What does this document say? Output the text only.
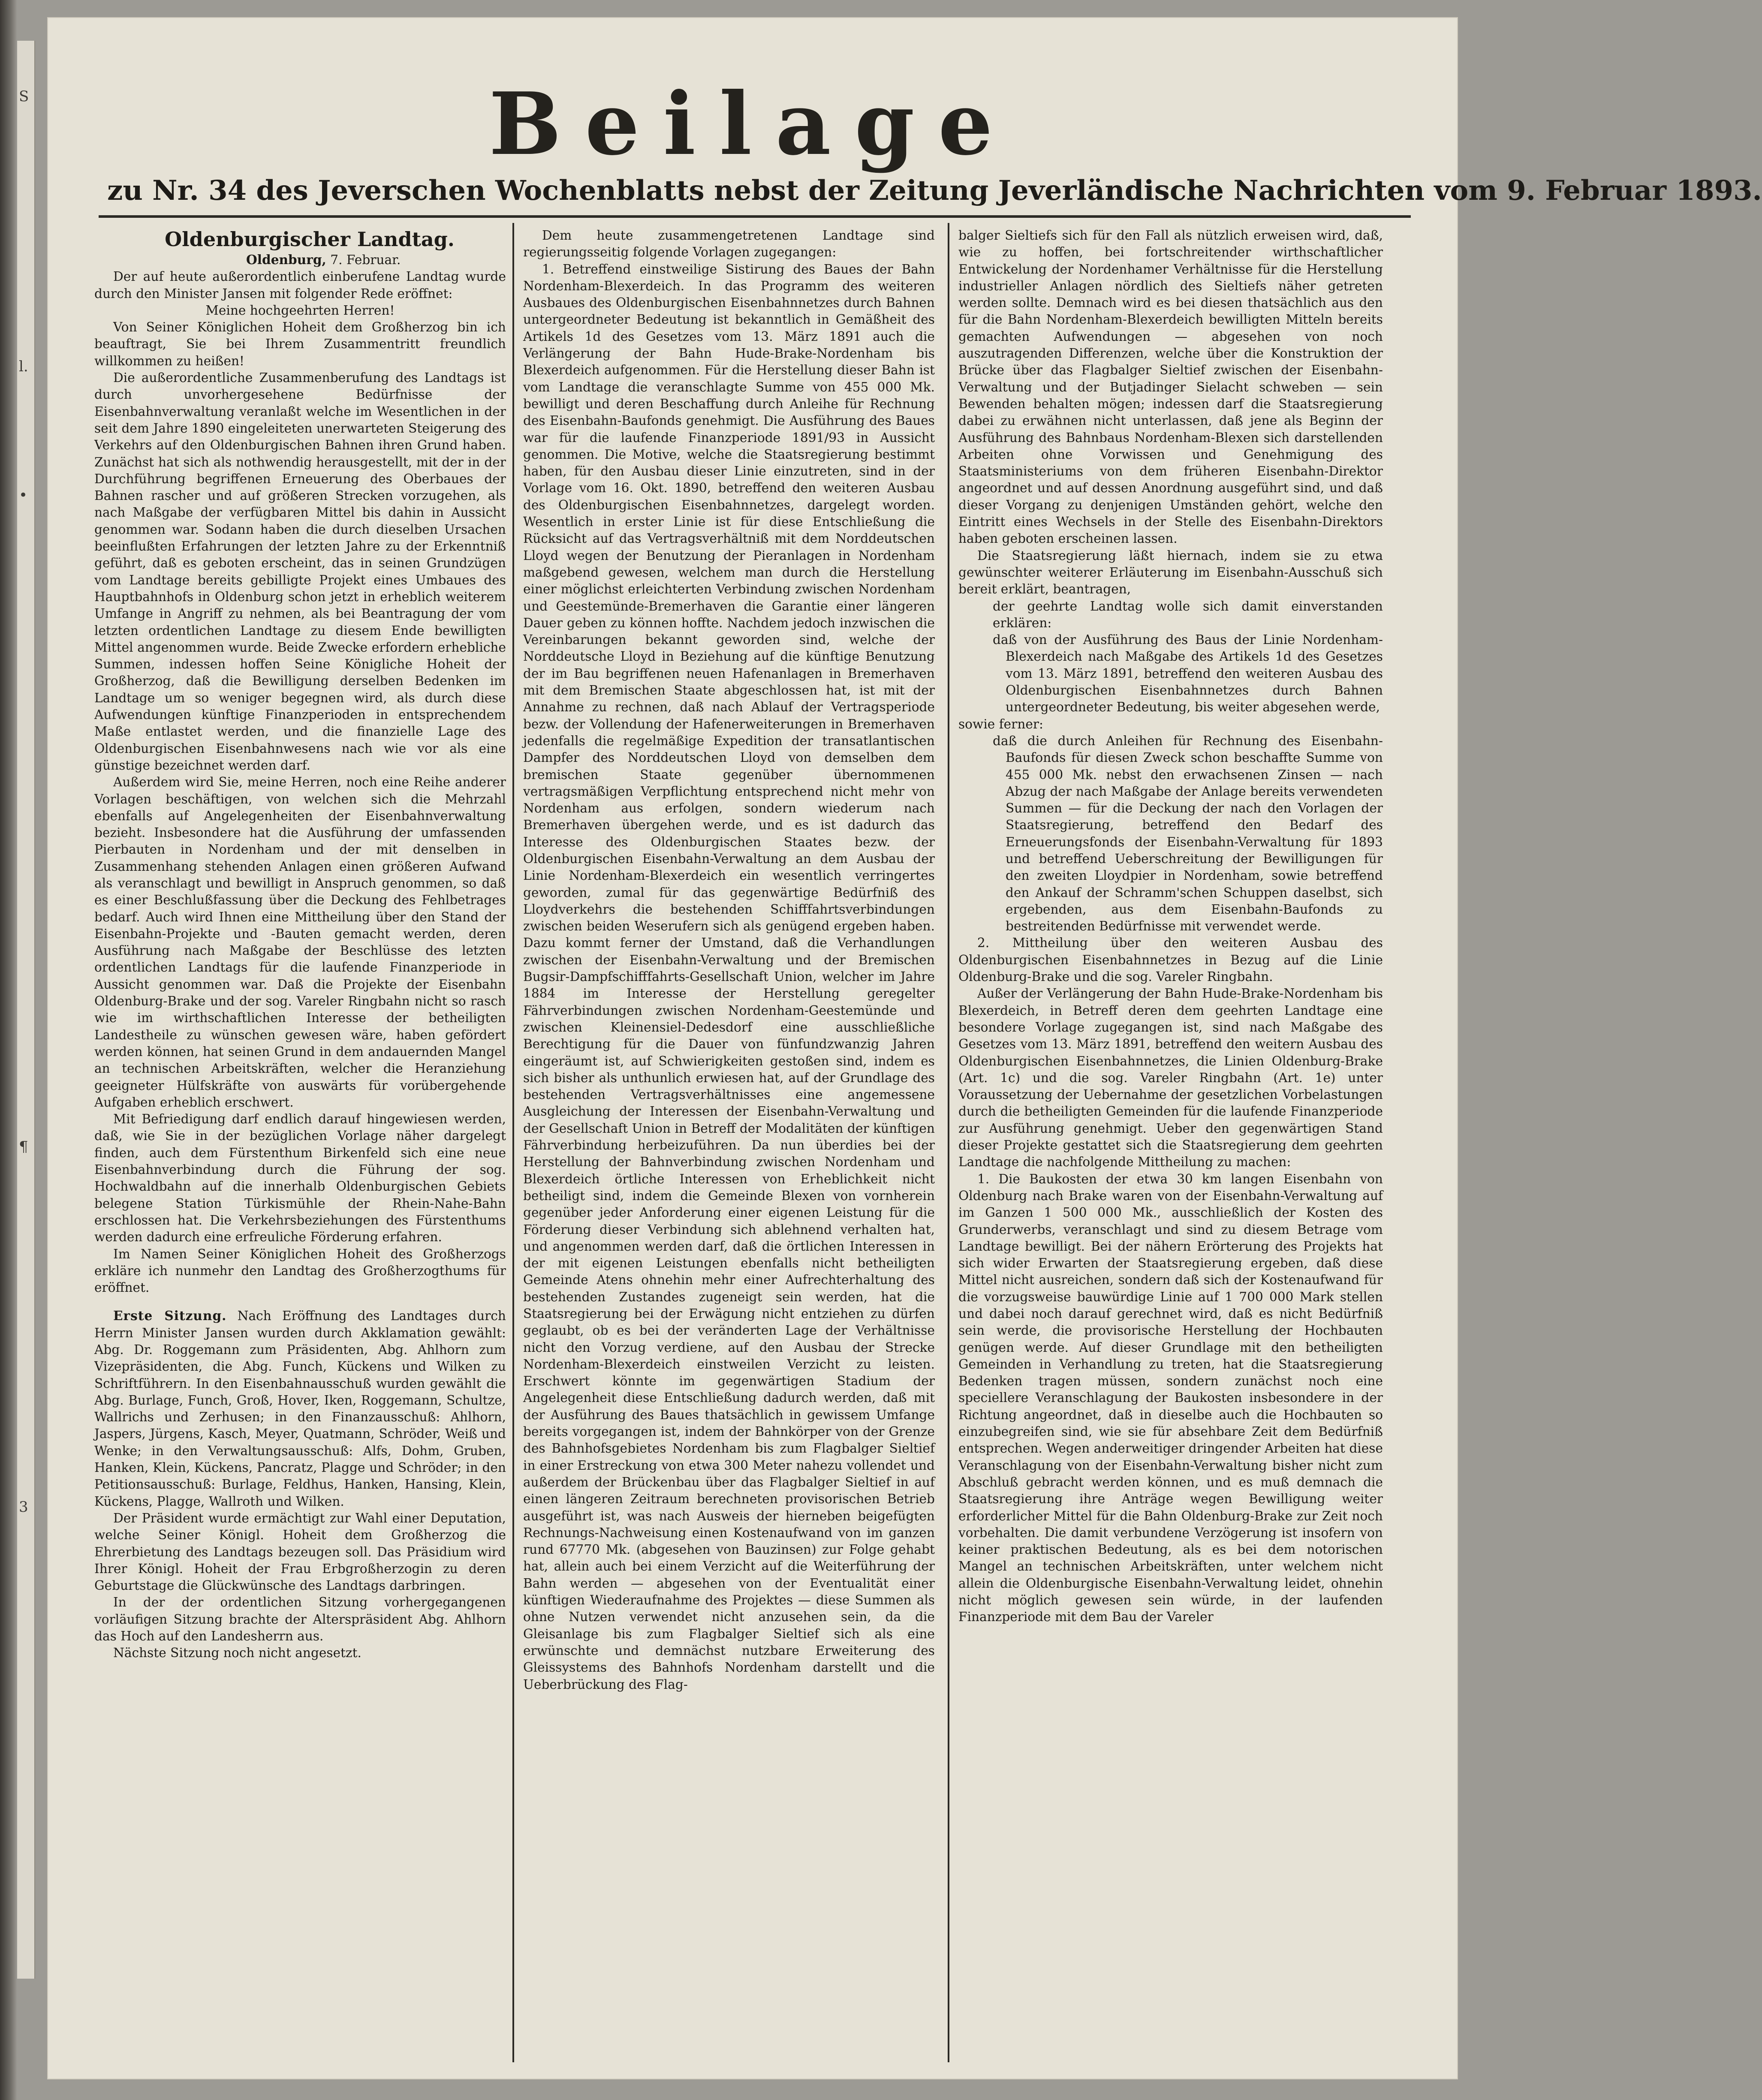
S
l.
•
¶
3
Beilage
zu Nr. 34 des Jeverschen Wochenblatts nebst der Zeitung Jeverländische Nachrichten vom 9. Februar 1893.

Oldenburgischer Landtag.

Oldenburg, 7. Februar.

Der auf heute außerordentlich einberufene Landtag wurde durch den Minister Jansen mit folgender Rede eröffnet:

Meine hochgeehrten Herren!

Von Seiner Königlichen Hoheit dem Großherzog bin ich beauftragt, Sie bei Ihrem Zusammentritt freundlich willkommen zu heißen!

Die außerordentliche Zusammenberufung des Landtags ist durch unvorhergesehene Bedürfnisse der Eisenbahnverwaltung veranlaßt welche im Wesentlichen in der seit dem Jahre 1890 eingeleiteten unerwarteten Steigerung des Verkehrs auf den Oldenburgischen Bahnen ihren Grund haben. Zunächst hat sich als nothwendig herausgestellt, mit der in der Durchführung begriffenen Erneuerung des Oberbaues der Bahnen rascher und auf größeren Strecken vorzugehen, als nach Maßgabe der verfügbaren Mittel bis dahin in Aussicht genommen war. Sodann haben die durch dieselben Ursachen beeinflußten Erfahrungen der letzten Jahre zu der Erkenntniß geführt, daß es geboten erscheint, das in seinen Grundzügen vom Landtage bereits gebilligte Projekt eines Umbaues des Hauptbahnhofs in Oldenburg schon jetzt in erheblich weiterem Umfange in Angriff zu nehmen, als bei Beantragung der vom letzten ordentlichen Landtage zu diesem Ende bewilligten Mittel angenommen wurde. Beide Zwecke erfordern erhebliche Summen, indessen hoffen Seine Königliche Hoheit der Großherzog, daß die Bewilligung derselben Bedenken im Landtage um so weniger begegnen wird, als durch diese Aufwendungen künftige Finanzperioden in entsprechendem Maße entlastet werden, und die finanzielle Lage des Oldenburgischen Eisenbahnwesens nach wie vor als eine günstige bezeichnet werden darf.

Außerdem wird Sie, meine Herren, noch eine Reihe anderer Vorlagen beschäftigen, von welchen sich die Mehrzahl ebenfalls auf Angelegenheiten der Eisenbahnverwaltung bezieht. Insbesondere hat die Ausführung der umfassenden Pierbauten in Nordenham und der mit denselben in Zusammenhang stehenden Anlagen einen größeren Aufwand als veranschlagt und bewilligt in Anspruch genommen, so daß es einer Beschlußfassung über die Deckung des Fehlbetrages bedarf. Auch wird Ihnen eine Mittheilung über den Stand der Eisenbahn-Projekte und -Bauten gemacht werden, deren Ausführung nach Maßgabe der Beschlüsse des letzten ordentlichen Landtags für die laufende Finanzperiode in Aussicht genommen war. Daß die Projekte der Eisenbahn Oldenburg-Brake und der sog. Vareler Ringbahn nicht so rasch wie im wirthschaftlichen Interesse der betheiligten Landestheile zu wünschen gewesen wäre, haben gefördert werden können, hat seinen Grund in dem andauernden Mangel an technischen Arbeitskräften, welcher die Heranziehung geeigneter Hülfskräfte von auswärts für vorübergehende Aufgaben erheblich erschwert.

Mit Befriedigung darf endlich darauf hingewiesen werden, daß, wie Sie in der bezüglichen Vorlage näher dargelegt finden, auch dem Fürstenthum Birkenfeld sich eine neue Eisenbahnverbindung durch die Führung der sog. Hochwaldbahn auf die innerhalb Oldenburgischen Gebiets belegene Station Türkismühle der Rhein-Nahe-Bahn erschlossen hat. Die Verkehrsbeziehungen des Fürstenthums werden dadurch eine erfreuliche Förderung erfahren.

Im Namen Seiner Königlichen Hoheit des Großherzogs erkläre ich nunmehr den Landtag des Großherzogthums für eröffnet.

Erste Sitzung. Nach Eröffnung des Landtages durch Herrn Minister Jansen wurden durch Akklamation gewählt: Abg. Dr. Roggemann zum Präsidenten, Abg. Ahlhorn zum Vizepräsidenten, die Abg. Funch, Kückens und Wilken zu Schriftführern. In den Eisenbahnausschuß wurden gewählt die Abg. Burlage, Funch, Groß, Hover, Iken, Roggemann, Schultze, Wallrichs und Zerhusen; in den Finanzausschuß: Ahlhorn, Jaspers, Jürgens, Kasch, Meyer, Quatmann, Schröder, Weiß und Wenke; in den Verwaltungsausschuß: Alfs, Dohm, Gruben, Hanken, Klein, Kückens, Pancratz, Plagge und Schröder; in den Petitionsausschuß: Burlage, Feldhus, Hanken, Hansing, Klein, Kückens, Plagge, Wallroth und Wilken.

Der Präsident wurde ermächtigt zur Wahl einer Deputation, welche Seiner Königl. Hoheit dem Großherzog die Ehrerbietung des Landtags bezeugen soll. Das Präsidium wird Ihrer Königl. Hoheit der Frau Erbgroßherzogin zu deren Geburtstage die Glückwünsche des Landtags darbringen.

In der der ordentlichen Sitzung vorhergegangenen vorläufigen Sitzung brachte der Alterspräsident Abg. Ahlhorn das Hoch auf den Landesherrn aus.

Nächste Sitzung noch nicht angesetzt.

Dem heute zusammengetretenen Landtage sind regierungsseitig folgende Vorlagen zugegangen:

1. Betreffend einstweilige Sistirung des Baues der Bahn Nordenham-Blexerdeich. In das Programm des weiteren Ausbaues des Oldenburgischen Eisenbahnnetzes durch Bahnen untergeordneter Bedeutung ist bekanntlich in Gemäßheit des Artikels 1d des Gesetzes vom 13. März 1891 auch die Verlängerung der Bahn Hude-Brake-Nordenham bis Blexerdeich aufgenommen. Für die Herstellung dieser Bahn ist vom Landtage die veranschlagte Summe von 455 000 Mk. bewilligt und deren Beschaffung durch Anleihe für Rechnung des Eisenbahn-Baufonds genehmigt. Die Ausführung des Baues war für die laufende Finanzperiode 1891/93 in Aussicht genommen. Die Motive, welche die Staatsregierung bestimmt haben, für den Ausbau dieser Linie einzutreten, sind in der Vorlage vom 16. Okt. 1890, betreffend den weiteren Ausbau des Oldenburgischen Eisenbahnnetzes, dargelegt worden. Wesentlich in erster Linie ist für diese Entschließung die Rücksicht auf das Vertragsverhältniß mit dem Norddeutschen Lloyd wegen der Benutzung der Pieranlagen in Nordenham maßgebend gewesen, welchem man durch die Herstellung einer möglichst erleichterten Verbindung zwischen Nordenham und Geestemünde-Bremerhaven die Garantie einer längeren Dauer geben zu können hoffte. Nachdem jedoch inzwischen die Vereinbarungen bekannt geworden sind, welche der Norddeutsche Lloyd in Beziehung auf die künftige Benutzung der im Bau begriffenen neuen Hafenanlagen in Bremerhaven mit dem Bremischen Staate abgeschlossen hat, ist mit der Annahme zu rechnen, daß nach Ablauf der Vertragsperiode bezw. der Vollendung der Hafenerweiterungen in Bremerhaven jedenfalls die regelmäßige Expedition der transatlantischen Dampfer des Norddeutschen Lloyd von demselben dem bremischen Staate gegenüber übernommenen vertragsmäßigen Verpflichtung entsprechend nicht mehr von Nordenham aus erfolgen, sondern wiederum nach Bremerhaven übergehen werde, und es ist dadurch das Interesse des Oldenburgischen Staates bezw. der Oldenburgischen Eisenbahn-Verwaltung an dem Ausbau der Linie Nordenham-Blexerdeich ein wesentlich verringertes geworden, zumal für das gegenwärtige Bedürfniß des Lloydverkehrs die bestehenden Schifffahrtsverbindungen zwischen beiden Weserufern sich als genügend ergeben haben. Dazu kommt ferner der Umstand, daß die Verhandlungen zwischen der Eisenbahn-Verwaltung und der Bremischen Bugsir-Dampfschifffahrts-Gesellschaft Union, welcher im Jahre 1884 im Interesse der Herstellung geregelter Fährverbindungen zwischen Nordenham-Geestemünde und zwischen Kleinensiel-Dedesdorf eine ausschließliche Berechtigung für die Dauer von fünfundzwanzig Jahren eingeräumt ist, auf Schwierigkeiten gestoßen sind, indem es sich bisher als unthunlich erwiesen hat, auf der Grundlage des bestehenden Vertragsverhältnisses eine angemessene Ausgleichung der Interessen der Eisenbahn-Verwaltung und der Gesellschaft Union in Betreff der Modalitäten der künftigen Fährverbindung herbeizuführen. Da nun überdies bei der Herstellung der Bahnverbindung zwischen Nordenham und Blexerdeich örtliche Interessen von Erheblichkeit nicht betheiligt sind, indem die Gemeinde Blexen von vornherein gegenüber jeder Anforderung einer eigenen Leistung für die Förderung dieser Verbindung sich ablehnend verhalten hat, und angenommen werden darf, daß die örtlichen Interessen in der mit eigenen Leistungen ebenfalls nicht betheiligten Gemeinde Atens ohnehin mehr einer Aufrechterhaltung des bestehenden Zustandes zugeneigt sein werden, hat die Staatsregierung bei der Erwägung nicht entziehen zu dürfen geglaubt, ob es bei der veränderten Lage der Verhältnisse nicht den Vorzug verdiene, auf den Ausbau der Strecke Nordenham-Blexerdeich einstweilen Verzicht zu leisten. Erschwert könnte im gegenwärtigen Stadium der Angelegenheit diese Entschließung dadurch werden, daß mit der Ausführung des Baues thatsächlich in gewissem Umfange bereits vorgegangen ist, indem der Bahnkörper von der Grenze des Bahnhofsgebietes Nordenham bis zum Flagbalger Sieltief in einer Erstreckung von etwa 300 Meter nahezu vollendet und außerdem der Brückenbau über das Flagbalger Sieltief in auf einen längeren Zeitraum berechneten provisorischen Betrieb ausgeführt ist, was nach Ausweis der hierneben beigefügten Rechnungs-Nachweisung einen Kostenaufwand von im ganzen rund 67770 Mk. (abgesehen von Bauzinsen) zur Folge gehabt hat, allein auch bei einem Verzicht auf die Weiterführung der Bahn werden — abgesehen von der Eventualität einer künftigen Wiederaufnahme des Projektes — diese Summen als ohne Nutzen verwendet nicht anzusehen sein, da die Gleisanlage bis zum Flagbalger Sieltief sich als eine erwünschte und demnächst nutzbare Erweiterung des Gleissystems des Bahnhofs Nordenham darstellt und die Ueberbrückung des Flag-

balger Sieltiefs sich für den Fall als nützlich erweisen wird, daß, wie zu hoffen, bei fortschreitender wirthschaftlicher Entwickelung der Nordenhamer Verhältnisse für die Herstellung industrieller Anlagen nördlich des Sieltiefs näher getreten werden sollte. Demnach wird es bei diesen thatsächlich aus den für die Bahn Nordenham-Blexerdeich bewilligten Mitteln bereits gemachten Aufwendungen — abgesehen von noch auszutragenden Differenzen, welche über die Konstruktion der Brücke über das Flagbalger Sieltief zwischen der Eisenbahn-Verwaltung und der Butjadinger Sielacht schweben — sein Bewenden behalten mögen; indessen darf die Staatsregierung dabei zu erwähnen nicht unterlassen, daß jene als Beginn der Ausführung des Bahnbaus Nordenham-Blexen sich darstellenden Arbeiten ohne Vorwissen und Genehmigung des Staatsministeriums von dem früheren Eisenbahn-Direktor angeordnet und auf dessen Anordnung ausgeführt sind, und daß dieser Vorgang zu denjenigen Umständen gehört, welche den Eintritt eines Wechsels in der Stelle des Eisenbahn-Direktors haben geboten erscheinen lassen.

Die Staatsregierung läßt hiernach, indem sie zu etwa gewünschter weiterer Erläuterung im Eisenbahn-Ausschuß sich bereit erklärt, beantragen,

der geehrte Landtag wolle sich damit einverstanden erklären:

daß von der Ausführung des Baus der Linie Nordenham-Blexerdeich nach Maßgabe des Artikels 1d des Gesetzes vom 13. März 1891, betreffend den weiteren Ausbau des Oldenburgischen Eisenbahnnetzes durch Bahnen untergeordneter Bedeutung, bis weiter abgesehen werde,

sowie ferner:

daß die durch Anleihen für Rechnung des Eisenbahn-Baufonds für diesen Zweck schon beschaffte Summe von 455 000 Mk. nebst den erwachsenen Zinsen — nach Abzug der nach Maßgabe der Anlage bereits verwendeten Summen — für die Deckung der nach den Vorlagen der Staatsregierung, betreffend den Bedarf des Erneuerungsfonds der Eisenbahn-Verwaltung für 1893 und betreffend Ueberschreitung der Bewilligungen für den zweiten Lloydpier in Nordenham, sowie betreffend den Ankauf der Schramm'schen Schuppen daselbst, sich ergebenden, aus dem Eisenbahn-Baufonds zu bestreitenden Bedürfnisse mit verwendet werde.

2. Mittheilung über den weiteren Ausbau des Oldenburgischen Eisenbahnnetzes in Bezug auf die Linie Oldenburg-Brake und die sog. Vareler Ringbahn.

Außer der Verlängerung der Bahn Hude-Brake-Nordenham bis Blexerdeich, in Betreff deren dem geehrten Landtage eine besondere Vorlage zugegangen ist, sind nach Maßgabe des Gesetzes vom 13. März 1891, betreffend den weitern Ausbau des Oldenburgischen Eisenbahnnetzes, die Linien Oldenburg-Brake (Art. 1c) und die sog. Vareler Ringbahn (Art. 1e) unter Voraussetzung der Uebernahme der gesetzlichen Vorbelastungen durch die betheiligten Gemeinden für die laufende Finanzperiode zur Ausführung genehmigt. Ueber den gegenwärtigen Stand dieser Projekte gestattet sich die Staatsregierung dem geehrten Landtage die nachfolgende Mittheilung zu machen:

1. Die Baukosten der etwa 30 km langen Eisenbahn von Oldenburg nach Brake waren von der Eisenbahn-Verwaltung auf im Ganzen 1 500 000 Mk., ausschließlich der Kosten des Grunderwerbs, veranschlagt und sind zu diesem Betrage vom Landtage bewilligt. Bei der nähern Erörterung des Projekts hat sich wider Erwarten der Staatsregierung ergeben, daß diese Mittel nicht ausreichen, sondern daß sich der Kostenaufwand für die vorzugsweise bauwürdige Linie auf 1 700 000 Mark stellen und dabei noch darauf gerechnet wird, daß es nicht Bedürfniß sein werde, die provisorische Herstellung der Hochbauten genügen werde. Auf dieser Grundlage mit den betheiligten Gemeinden in Verhandlung zu treten, hat die Staatsregierung Bedenken tragen müssen, sondern zunächst noch eine speciellere Veranschlagung der Baukosten insbesondere in der Richtung angeordnet, daß in dieselbe auch die Hochbauten so einzubegreifen sind, wie sie für absehbare Zeit dem Bedürfniß entsprechen. Wegen anderweitiger dringender Arbeiten hat diese Veranschlagung von der Eisenbahn-Verwaltung bisher nicht zum Abschluß gebracht werden können, und es muß demnach die Staatsregierung ihre Anträge wegen Bewilligung weiter erforderlicher Mittel für die Bahn Oldenburg-Brake zur Zeit noch vorbehalten. Die damit verbundene Verzögerung ist insofern von keiner praktischen Bedeutung, als es bei dem notorischen Mangel an technischen Arbeitskräften, unter welchem nicht allein die Oldenburgische Eisenbahn-Verwaltung leidet, ohnehin nicht möglich gewesen sein würde, in der laufenden Finanzperiode mit dem Bau der Vareler
